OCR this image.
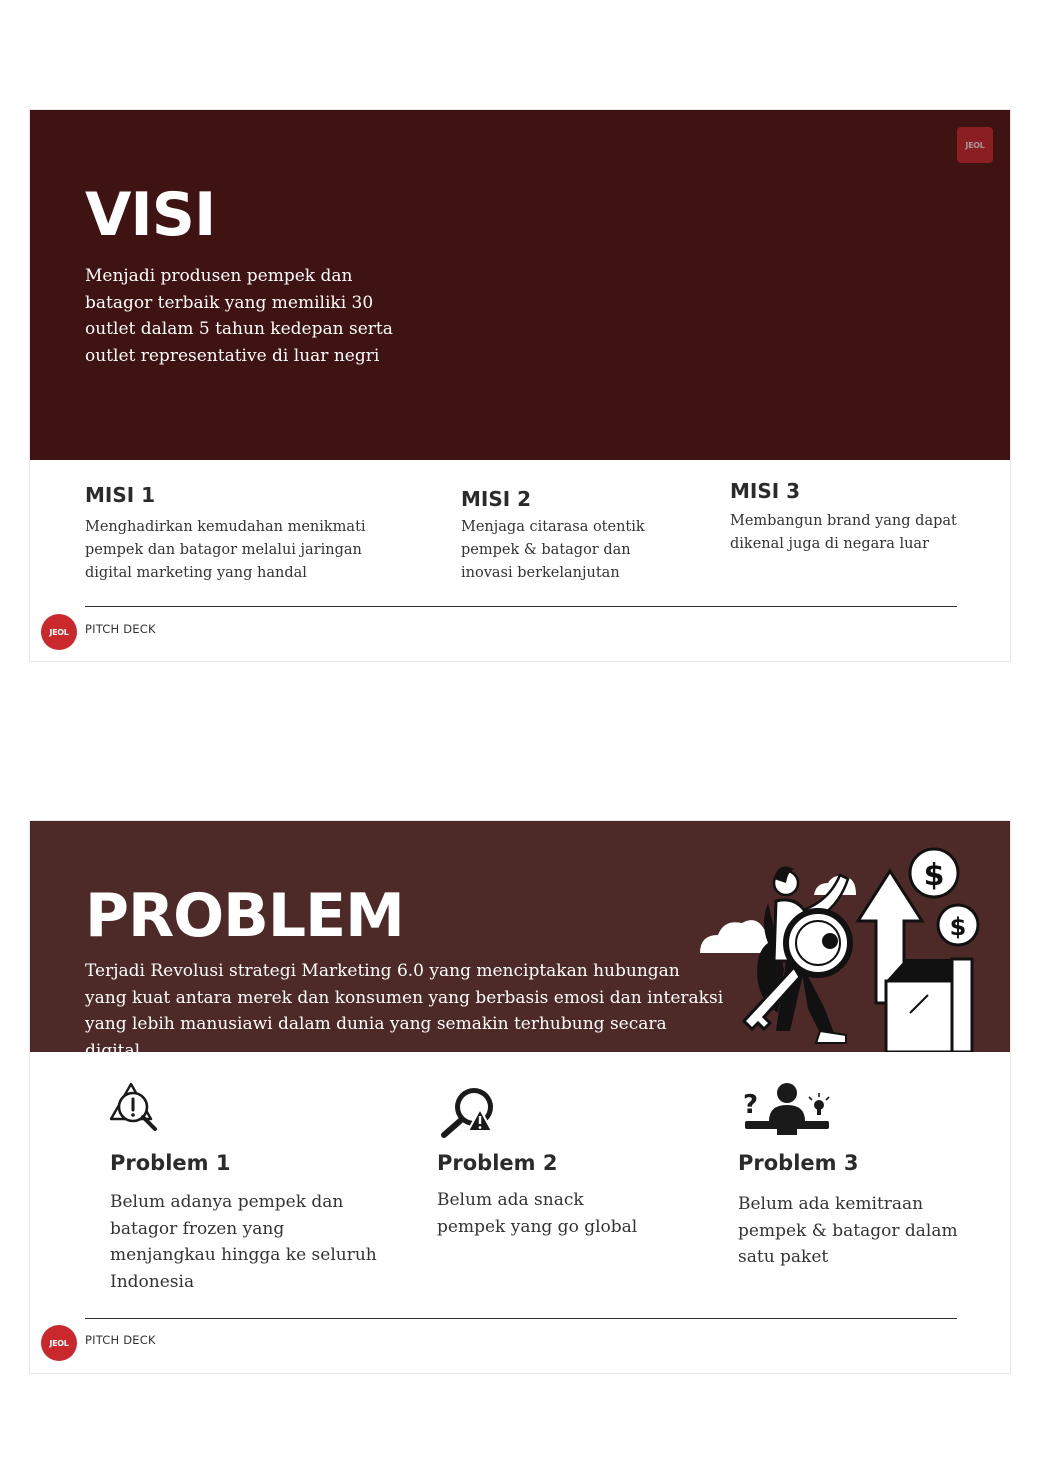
JEOL
VISI

Menjadi produsen pempek dan batagor terbaik yang memiliki 30 outlet dalam 5 tahun kedepan serta outlet representative di luar negri

MISI 1

Menghadirkan kemudahan menikmati pempek dan batagor melalui jaringan digital marketing yang handal

MISI 2

Menjaga citarasa otentik pempek & batagor dan inovasi berkelanjutan

MISI 3

Membangun brand yang dapat dikenal juga di negara luar

JEOL PITCH DECK
PROBLEM

Terjadi Revolusi strategi Marketing 6.0 yang menciptakan hubungan yang kuat antara merek dan konsumen yang berbasis emosi dan interaksi yang lebih manusiawi dalam dunia yang semakin terhubung secara digital.

$
$
Problem 1

Belum adanya pempek dan batagor frozen yang menjangkau hingga ke seluruh Indonesia

Problem 2

Belum ada snack pempek yang go global

?
Problem 3

Belum ada kemitraan pempek & batagor dalam satu paket

JEOL PITCH DECK
